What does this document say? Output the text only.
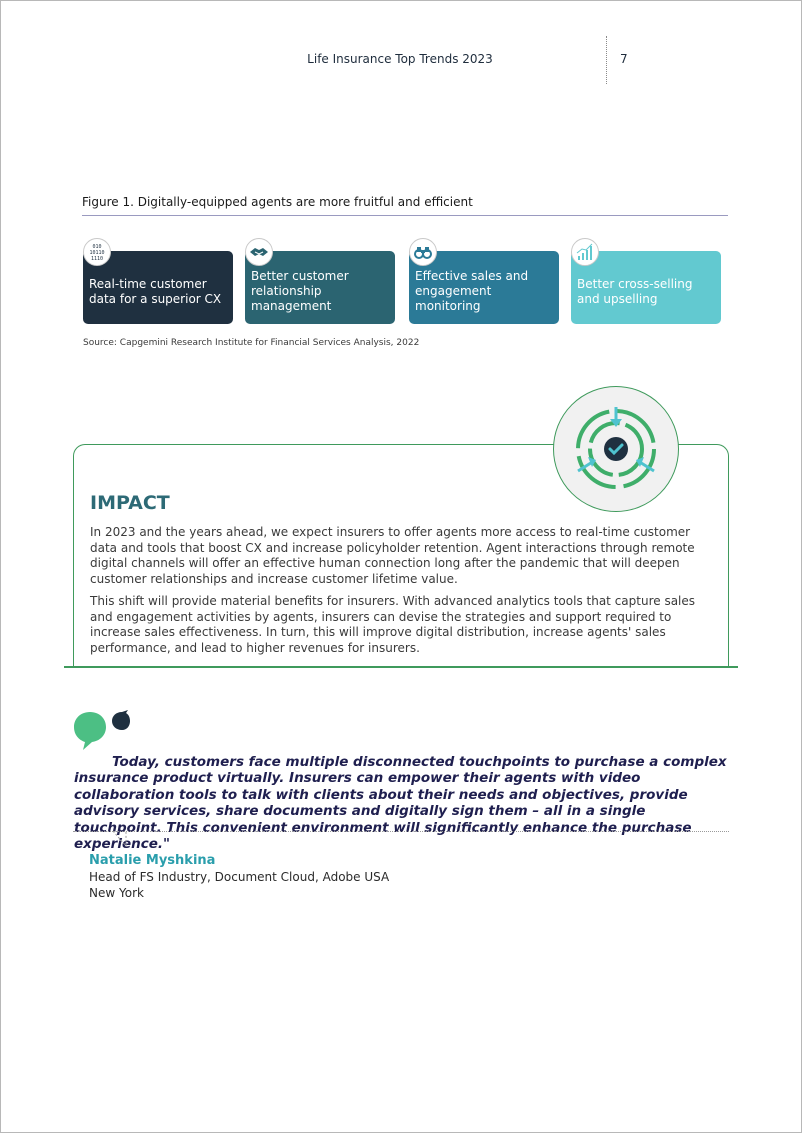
Life Insurance Top Trends 2023	7
Figure 1. Digitally-equipped agents are more fruitful and efficient
Real-time customer data for a superior CX
Better customer relationship management
Effective sales and engagement monitoring
Better cross-selling and upselling
010
10110
1110
Source: Capgemini Research Institute for Financial Services Analysis, 2022
IMPACT

In 2023 and the years ahead, we expect insurers to offer agents more access to real-time customer data and tools that boost CX and increase policyholder retention. Agent interactions through remote digital channels will offer an effective human connection long after the pandemic that will deepen customer relationships and increase customer lifetime value.

This shift will provide material benefits for insurers. With advanced analytics tools that capture sales and engagement activities by agents, insurers can devise the strategies and support required to increase sales effectiveness. In turn, this will improve digital distribution, increase agents' sales performance, and lead to higher revenues for insurers.

Today, customers face multiple disconnected touchpoints to purchase a complex insurance product virtually. Insurers can empower their agents with video collaboration tools to talk with clients about their needs and objectives, provide advisory services, share documents and digitally sign them – all in a single touchpoint. This convenient environment will significantly enhance the purchase experience."

Natalie Myshkina
Head of FS Industry, Document Cloud, Adobe USA
New York
